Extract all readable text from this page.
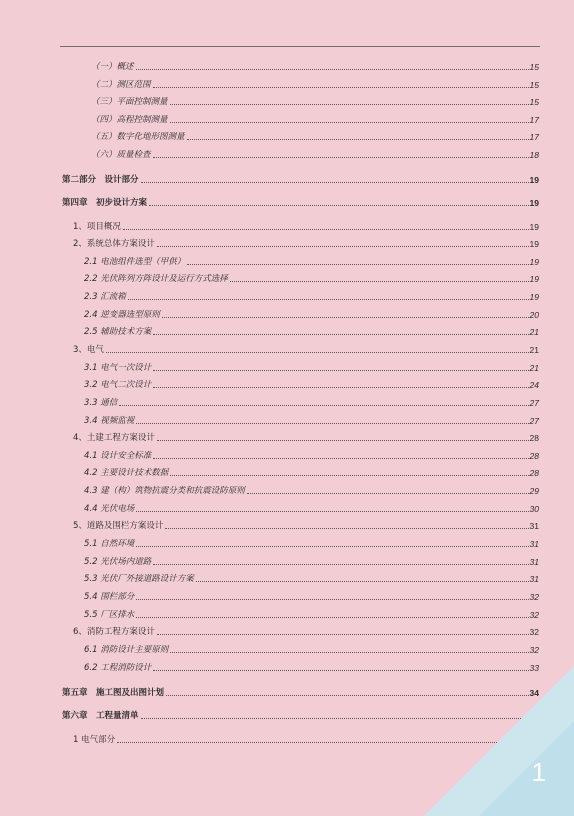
（一）概述	15
（二）测区范围	15
（三）平面控制测量	15
（四）高程控制测量	17
（五）数字化地形图测量	17
（六）质量检查	18
第二部分　设计部分	19
第四章　初步设计方案	19
1、项目概况	19
2、系统总体方案设计	19
2.1 电池组件选型（甲供）	19
2.2 光伏阵列方阵设计及运行方式选择	19
2.3 汇流箱	19
2.4 逆变器选型原则	20
2.5 辅助技术方案	21
3、电气	21
3.1 电气一次设计	21
3.2 电气二次设计	24
3.3 通信	27
3.4 视频监视	27
4、土建工程方案设计	28
4.1 设计安全标准	28
4.2 主要设计技术数据	28
4.3 建（构）筑物抗震分类和抗震设防原则	29
4.4 光伏电场	30
5、道路及围栏方案设计	31
5.1 自然环境	31
5.2 光伏场内道路	31
5.3 光伏厂外接道路设计方案	31
5.4 围栏部分	32
5.5 厂区排水	32
6、消防工程方案设计	32
6.1 消防设计主要原则	32
6.2 工程消防设计	33
第五章　施工图及出图计划	34
第六章　工程量清单	36
1 电气部分	36
1
